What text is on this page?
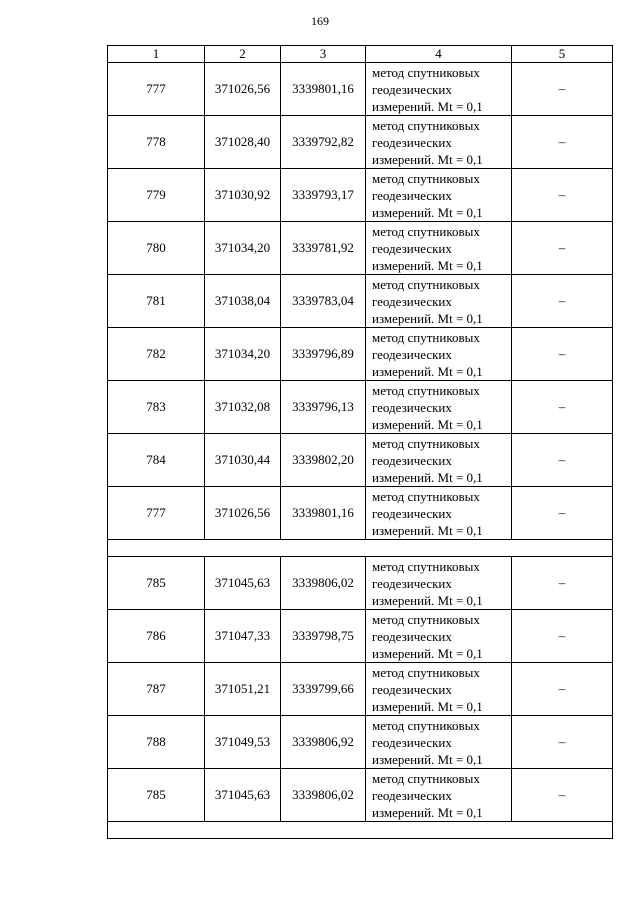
169
1	2	3	4	5
777	371026,56	3339801,16	метод спутниковых
геодезических
измерений. Mt = 0,1	–
778	371028,40	3339792,82	метод спутниковых
геодезических
измерений. Mt = 0,1	–
779	371030,92	3339793,17	метод спутниковых
геодезических
измерений. Mt = 0,1	–
780	371034,20	3339781,92	метод спутниковых
геодезических
измерений. Mt = 0,1	–
781	371038,04	3339783,04	метод спутниковых
геодезических
измерений. Mt = 0,1	–
782	371034,20	3339796,89	метод спутниковых
геодезических
измерений. Mt = 0,1	–
783	371032,08	3339796,13	метод спутниковых
геодезических
измерений. Mt = 0,1	–
784	371030,44	3339802,20	метод спутниковых
геодезических
измерений. Mt = 0,1	–
777	371026,56	3339801,16	метод спутниковых
геодезических
измерений. Mt = 0,1	–

785	371045,63	3339806,02	метод спутниковых
геодезических
измерений. Mt = 0,1	–
786	371047,33	3339798,75	метод спутниковых
геодезических
измерений. Mt = 0,1	–
787	371051,21	3339799,66	метод спутниковых
геодезических
измерений. Mt = 0,1	–
788	371049,53	3339806,92	метод спутниковых
геодезических
измерений. Mt = 0,1	–
785	371045,63	3339806,02	метод спутниковых
геодезических
измерений. Mt = 0,1	–
